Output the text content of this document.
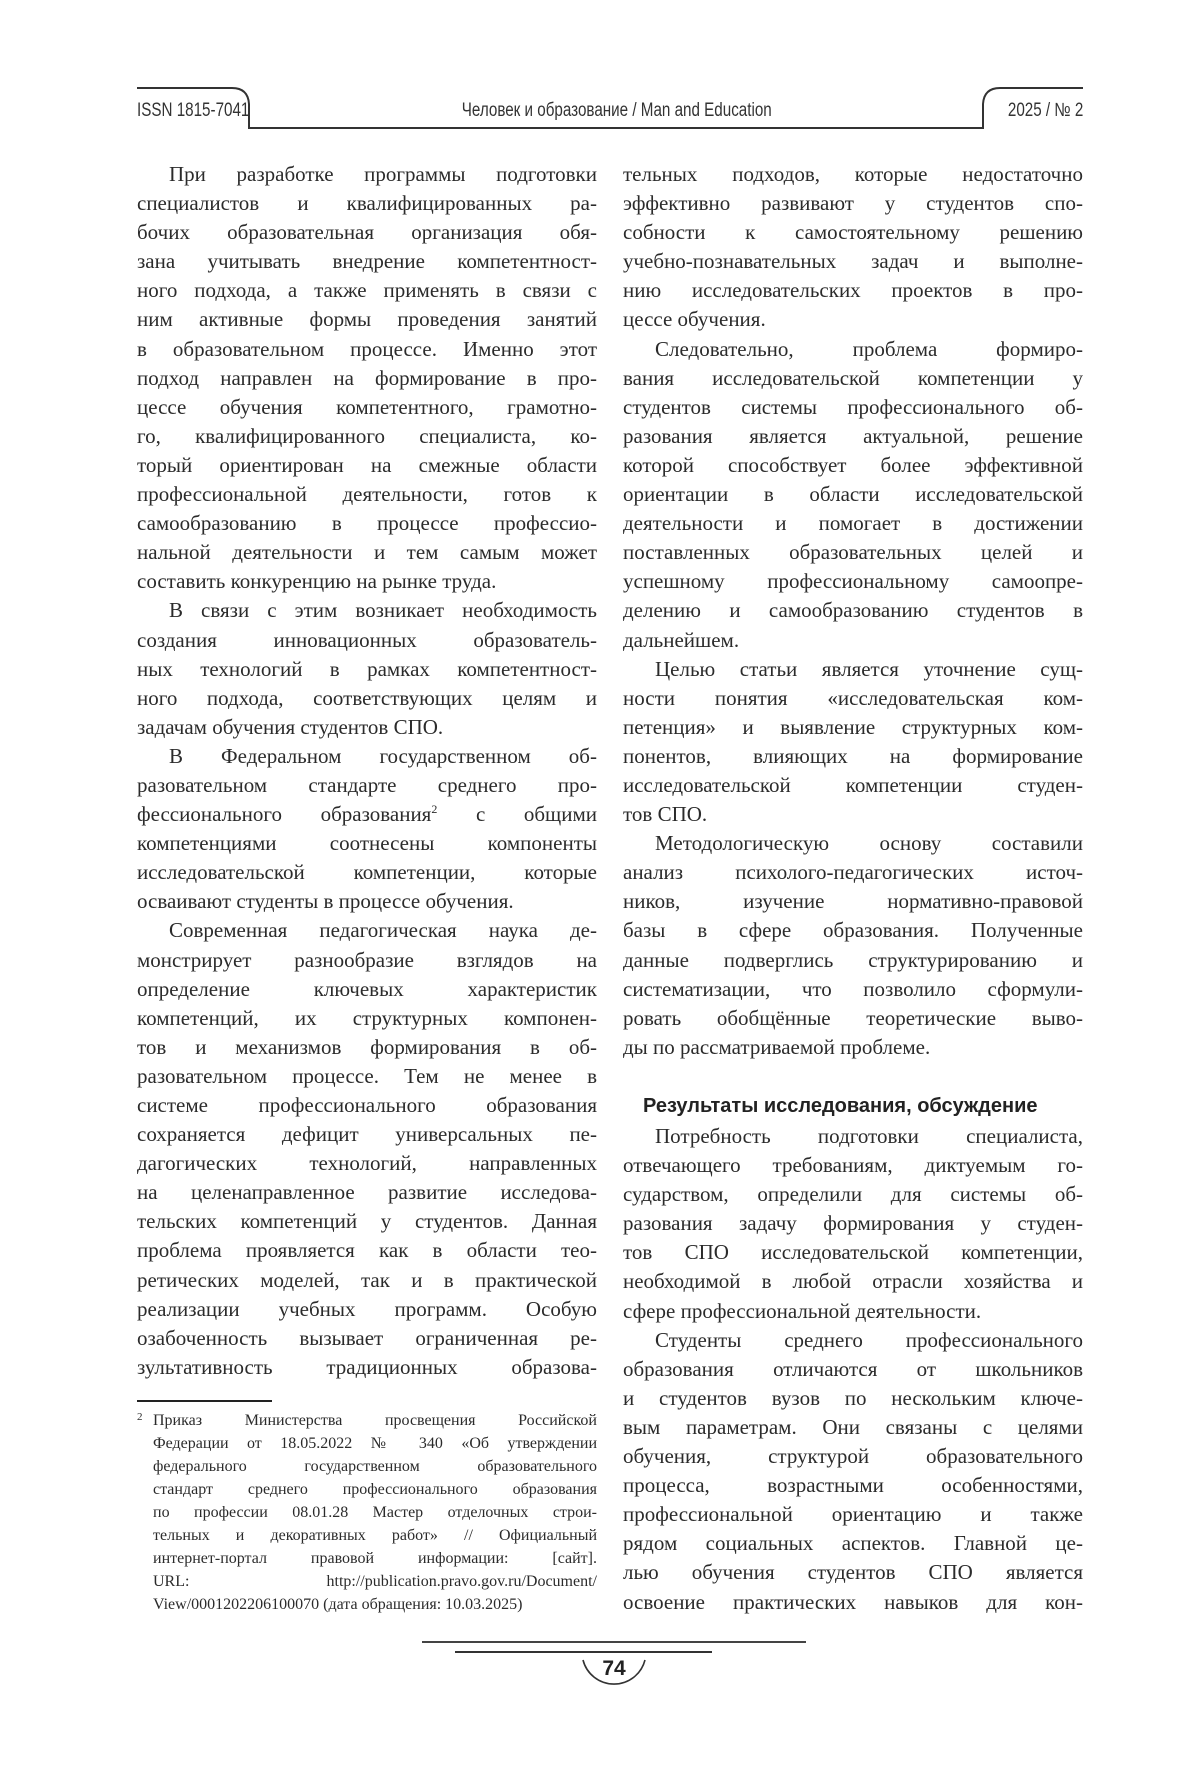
ISSN 1815-7041	Человек и образование / Man and Education	2025 / № 2
При разработке программы подготовки
специалистов и квалифицированных ра-
бочих образовательная организация обя-
зана учитывать внедрение компетентност-
ного подхода, а также применять в связи с
ним активные формы проведения занятий
в образовательном процессе. Именно этот
подход направлен на формирование в про-
цессе обучения компетентного, грамотно-
го, квалифицированного специалиста, ко-
торый ориентирован на смежные области
профессиональной деятельности, готов к
самообразованию в процессе профессио-
нальной деятельности и тем самым может
составить конкуренцию на рынке труда.
В связи с этим возникает необходимость
создания инновационных образователь-
ных технологий в рамках компетентност-
ного подхода, соответствующих целям и
задачам обучения студентов СПО.
В Федеральном государственном об-
разовательном стандарте среднего про-
фессионального образования2 с общими
компетенциями соотнесены компоненты
исследовательской компетенции, которые
осваивают студенты в процессе обучения.
Современная педагогическая наука де-
монстрирует разнообразие взглядов на
определение ключевых характеристик
компетенций, их структурных компонен-
тов и механизмов формирования в об-
разовательном процессе. Тем не менее в
системе профессионального образования
сохраняется дефицит универсальных пе-
дагогических технологий, направленных
на целенаправленное развитие исследова-
тельских компетенций у студентов. Данная
проблема проявляется как в области тео-
ретических моделей, так и в практической
реализации учебных программ. Особую
озабоченность вызывает ограниченная ре-
зультативность традиционных образова-
тельных подходов, которые недостаточно
эффективно развивают у студентов спо-
собности к самостоятельному решению
учебно-познавательных задач и выполне-
нию исследовательских проектов в про-
цессе обучения.
Следовательно, проблема формиро-
вания исследовательской компетенции у
студентов системы профессионального об-
разования является актуальной, решение
которой способствует более эффективной
ориентации в области исследовательской
деятельности и помогает в достижении
поставленных образовательных целей и
успешному профессиональному самоопре-
делению и самообразованию студентов в
дальнейшем.
Целью статьи является уточнение сущ-
ности понятия «исследовательская ком-
петенция» и выявление структурных ком-
понентов, влияющих на формирование
исследовательской компетенции студен-
тов СПО.
Методологическую основу составили
анализ психолого-педагогических источ-
ников, изучение нормативно-правовой
базы в сфере образования. Полученные
данные подверглись структурированию и
систематизации, что позволило сформули-
ровать обобщённые теоретические выво-
ды по рассматриваемой проблеме.
Результаты исследования, обсуждение
Потребность подготовки специалиста,
отвечающего требованиям, диктуемым го-
сударством, определили для системы об-
разования задачу формирования у студен-
тов СПО исследовательской компетенции,
необходимой в любой отрасли хозяйства и
сфере профессиональной деятельности.
Студенты среднего профессионального
образования отличаются от школьников
и студентов вузов по нескольким ключе-
вым параметрам. Они связаны с целями
обучения, структурой образовательного
процесса, возрастными особенностями,
профессиональной ориентацию и также
рядом социальных аспектов. Главной це-
лью обучения студентов СПО является
освоение практических навыков для кон-
2 Приказ Министерства просвещения Российской
Федерации от 18.05.2022 № 340 «Об утверждении
федерального государственном образовательного
стандарт среднего профессионального образования
по профессии 08.01.28 Мастер отделочных строи-
тельных и декоративных работ» // Официальный
интернет-портал правовой информации: [сайт].
URL: http://publication.pravo.gov.ru/Document/
View/0001202206100070 (дата обращения: 10.03.2025)
74
